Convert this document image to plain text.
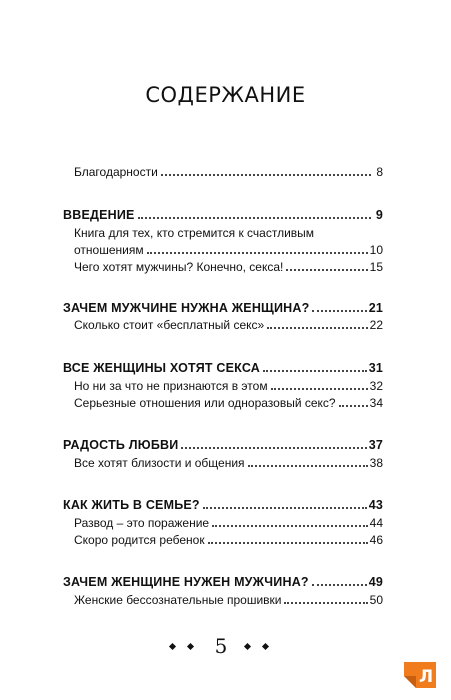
СОДЕРЖАНИЕ
Благодарности	8
ВВЕДЕНИЕ	9
Книга для тех, кто стремится к счастливым
отношениям	10
Чего хотят мужчины? Конечно, секса!	15
ЗАЧЕМ МУЖЧИНЕ НУЖНА ЖЕНЩИНА?	21
Сколько стоит «бесплатный секс»	22
ВСЕ ЖЕНЩИНЫ ХОТЯТ СЕКСА	31
Но ни за что не признаются в этом	32
Серьезные отношения или одноразовый секс?	34
РАДОСТЬ ЛЮБВИ	37
Все хотят близости и общения	38
КАК ЖИТЬ В СЕМЬЕ?	43
Развод – это поражение	44
Скоро родится ребенок	46
ЗАЧЕМ ЖЕНЩИНЕ НУЖЕН МУЖЧИНА?	49
Женские бессознательные прошивки	50
5
Л
